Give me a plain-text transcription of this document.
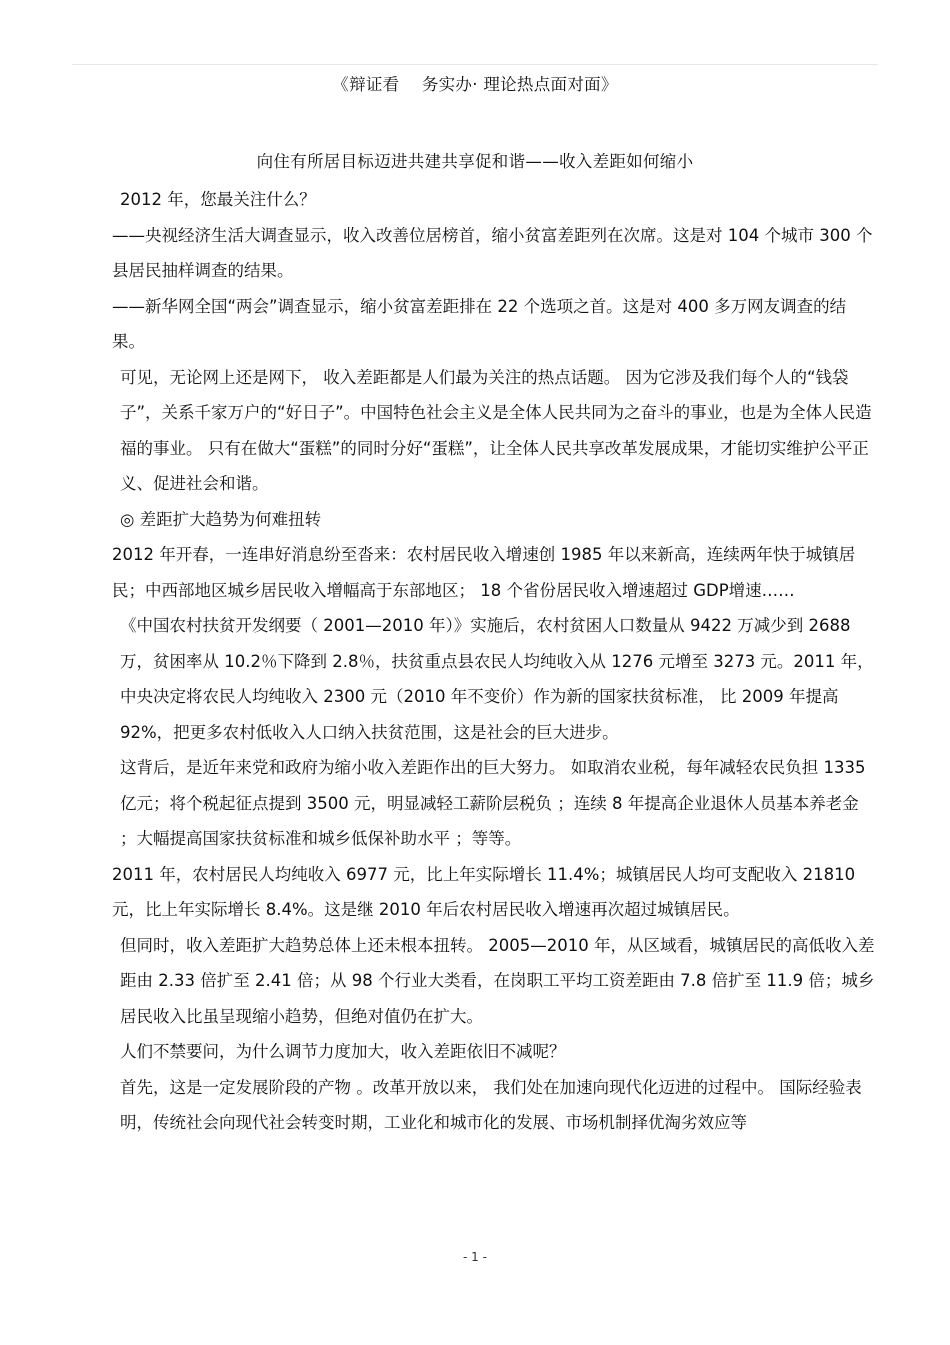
《辩证看　 务实办· 理论热点面对面》
向住有所居目标迈进共建共享促和谐——收入差距如何缩小

2012 年，您最关注什么？

——央视经济生活大调查显示，收入改善位居榜首，缩小贫富差距列在次席。这是对 104 个城市 300 个县居民抽样调查的结果。

——新华网全国“两会”调查显示，缩小贫富差距排在 22 个选项之首。这是对 400 多万网友调查的结果。

可见，无论网上还是网下， 收入差距都是人们最为关注的热点话题。 因为它涉及我们每个人的“钱袋子”，关系千家万户的“好日子”。中国特色社会主义是全体人民共同为之奋斗的事业，也是为全体人民造福的事业。 只有在做大“蛋糕”的同时分好“蛋糕”，让全体人民共享改革发展成果，才能切实维护公平正义、促进社会和谐。

◎ 差距扩大趋势为何难扭转

2012 年开春，一连串好消息纷至沓来：农村居民收入增速创 1985 年以来新高，连续两年快于城镇居民；中西部地区城乡居民收入增幅高于东部地区； 18 个省份居民收入增速超过 GDP增速……

《中国农村扶贫开发纲要（ 2001—2010 年）》实施后，农村贫困人口数量从 9422 万减少到 2688 万，贫困率从 10.2％下降到 2.8％，扶贫重点县农民人均纯收入从 1276 元增至 3273 元。2011 年，中央决定将农民人均纯收入 2300 元（2010 年不变价）作为新的国家扶贫标准， 比 2009 年提高 92%，把更多农村低收入人口纳入扶贫范围，这是社会的巨大进步。

这背后，是近年来党和政府为缩小收入差距作出的巨大努力。 如取消农业税，每年减轻农民负担 1335 亿元；将个税起征点提到 3500 元，明显减轻工薪阶层税负 ；连续 8 年提高企业退休人员基本养老金 ；大幅提高国家扶贫标准和城乡低保补助水平 ；等等。

2011 年，农村居民人均纯收入 6977 元，比上年实际增长 11.4%；城镇居民人均可支配收入 21810 元，比上年实际增长 8.4%。这是继 2010 年后农村居民收入增速再次超过城镇居民。

但同时，收入差距扩大趋势总体上还未根本扭转。 2005—2010 年，从区域看，城镇居民的高低收入差距由 2.33 倍扩至 2.41 倍；从 98 个行业大类看，在岗职工平均工资差距由 7.8 倍扩至 11.9 倍；城乡居民收入比虽呈现缩小趋势，但绝对值仍在扩大。

人们不禁要问，为什么调节力度加大，收入差距依旧不减呢？

首先，这是一定发展阶段的产物 。改革开放以来， 我们处在加速向现代化迈进的过程中。 国际经验表明，传统社会向现代社会转变时期，工业化和城市化的发展、市场机制择优淘劣效应等

- 1 -
